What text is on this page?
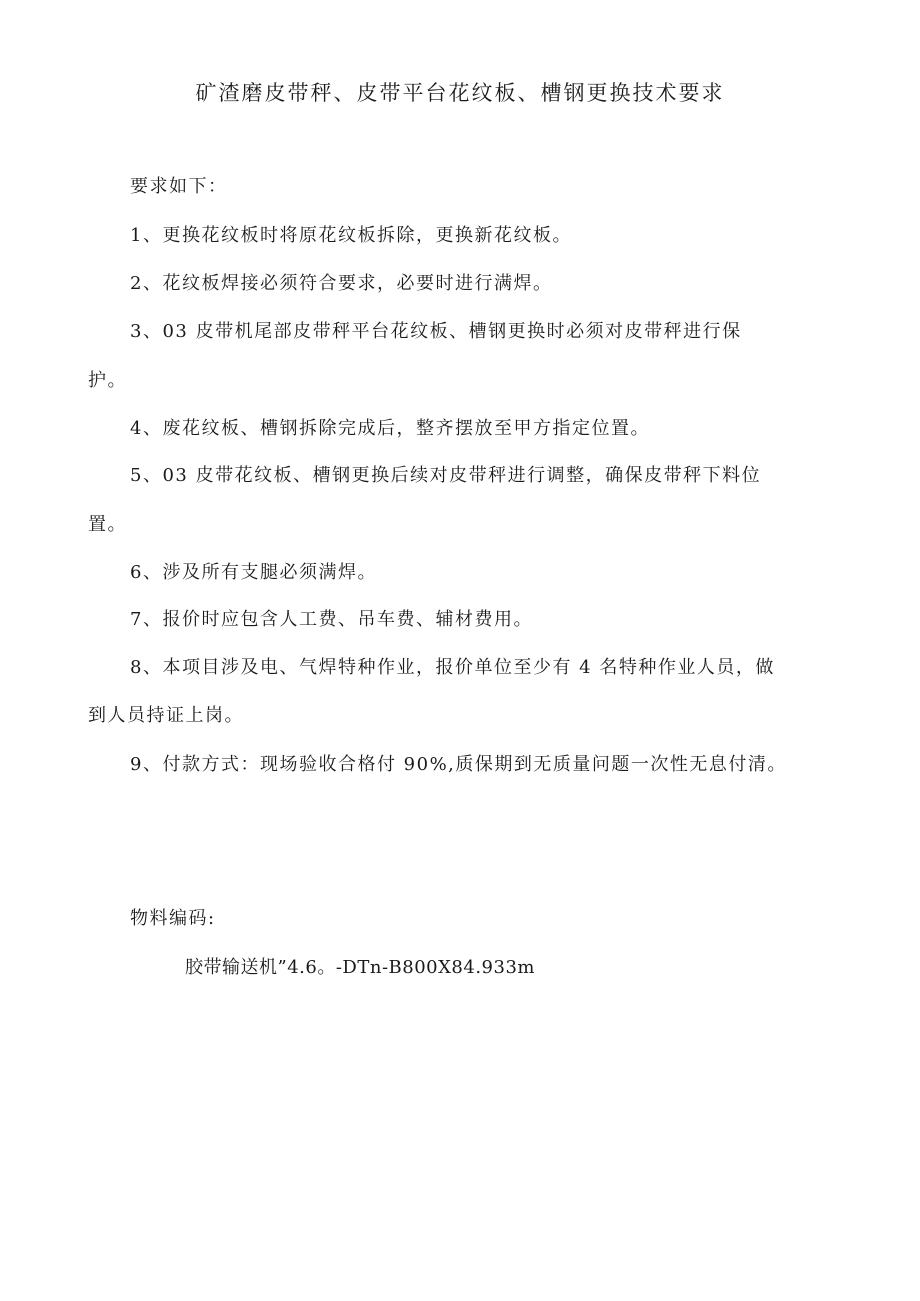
矿渣磨皮带秤、皮带平台花纹板、槽钢更换技术要求
要求如下：
1、更换花纹板时将原花纹板拆除，更换新花纹板。
2、花纹板焊接必须符合要求，必要时进行满焊。
3、03 皮带机尾部皮带秤平台花纹板、槽钢更换时必须对皮带秤进行保
护。
4、废花纹板、槽钢拆除完成后，整齐摆放至甲方指定位置。
5、03 皮带花纹板、槽钢更换后续对皮带秤进行调整，确保皮带秤下料位
置。
6、涉及所有支腿必须满焊。
7、报价时应包含人工费、吊车费、辅材费用。
8、本项目涉及电、气焊特种作业，报价单位至少有 4 名特种作业人员，做
到人员持证上岗。
9、付款方式：现场验收合格付 90%,质保期到无质量问题一次性无息付清。
物料编码:
胶带输送机”4.6。-DTn-B800X84.933m
